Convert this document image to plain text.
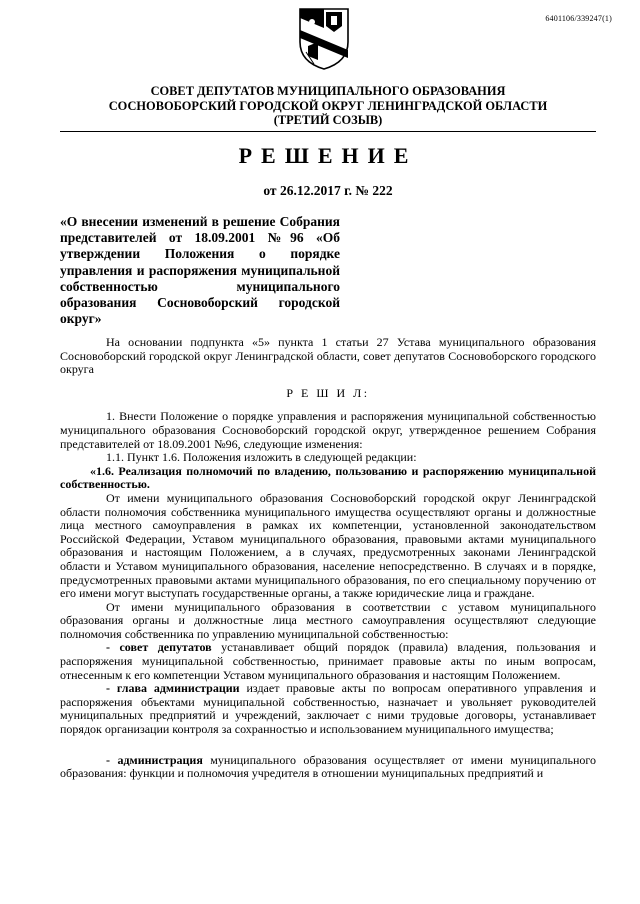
6401106/339247(1)
СОВЕТ ДЕПУТАТОВ МУНИЦИПАЛЬНОГО ОБРАЗОВАНИЯ
СОСНОВОБОРСКИЙ ГОРОДСКОЙ ОКРУГ ЛЕНИНГРАДСКОЙ ОБЛАСТИ
(ТРЕТИЙ СОЗЫВ)
РЕШЕНИЕ
от 26.12.2017 г. № 222
«О внесении изменений в решение Собрания представителей от 18.09.2001 №96 «Об утверждении Положения о порядке управления и распоряжения муниципальной собственностью муниципального образования Сосновоборский городской округ»

На основании подпункта «5» пункта 1 статьи 27 Устава муниципального образования Сосновоборский городской округ Ленинградской области, совет депутатов Сосновоборского городского округа

Р Е Ш И Л:

1. Внести Положение о порядке управления и распоряжения муниципальной собственностью муниципального образования Сосновоборский городской округ, утвержденное решением Собрания представителей от 18.09.2001 №96, следующие изменения:

1.1. Пункт 1.6. Положения изложить в следующей редакции:

«1.6. Реализация полномочий по владению, пользованию и распоряжению муниципальной собственностью.

От имени муниципального образования Сосновоборский городской округ Ленинградской области полномочия собственника муниципального имущества осуществляют органы и должностные лица местного самоуправления в рамках их компетенции, установленной законодательством Российской Федерации, Уставом муниципального образования, правовыми актами муниципального образования и настоящим Положением, а в случаях, предусмотренных законами Ленинградской области и Уставом муниципального образования, население непосредственно. В случаях и в порядке, предусмотренных правовыми актами муниципального образования, по его специальному поручению от его имени могут выступать государственные органы, а также юридические лица и граждане.

От имени муниципального образования в соответствии с уставом муниципального образования органы и должностные лица местного самоуправления осуществляют следующие полномочия собственника по управлению муниципальной собственностью:

- совет депутатов устанавливает общий порядок (правила) владения, пользования и распоряжения муниципальной собственностью, принимает правовые акты по иным вопросам, отнесенным к его компетенции Уставом муниципального образования и настоящим Положением.

- глава администрации издает правовые акты по вопросам оперативного управления и распоряжения объектами муниципальной собственностью, назначает и увольняет руководителей муниципальных предприятий и учреждений, заключает с ними трудовые договоры, устанавливает порядок организации контроля за сохранностью и использованием муниципального имущества;

- администрация муниципального образования осуществляет от имени муниципального образования: функции и полномочия учредителя в отношении муниципальных предприятий и
